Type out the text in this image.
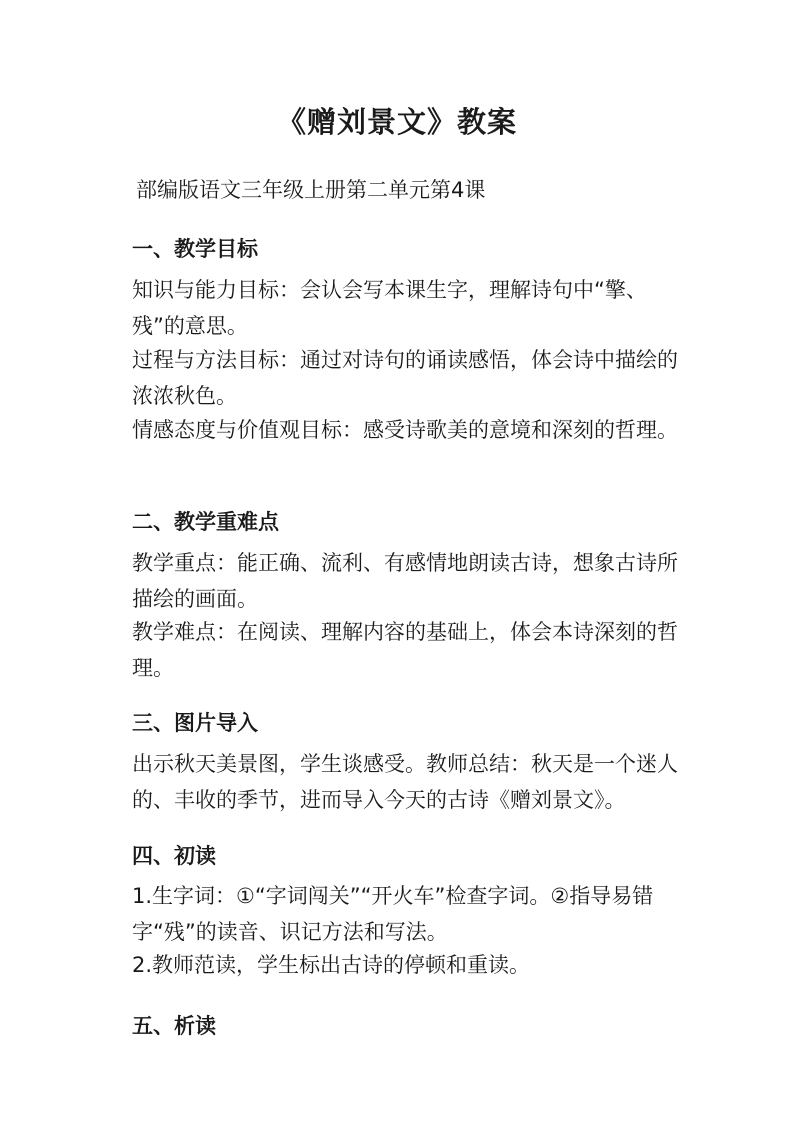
《赠刘景文》教案
部编版语文三年级上册第二单元第4课
一、教学目标

知识与能力目标：会认会写本课生字，理解诗句中“擎、残”的意思。

过程与方法目标：通过对诗句的诵读感悟，体会诗中描绘的浓浓秋色。

情感态度与价值观目标：感受诗歌美的意境和深刻的哲理。

二、教学重难点

教学重点：能正确、流利、有感情地朗读古诗，想象古诗所描绘的画面。

教学难点：在阅读、理解内容的基础上，体会本诗深刻的哲理。

三、图片导入

出示秋天美景图，学生谈感受。教师总结：秋天是一个迷人的、丰收的季节，进而导入今天的古诗《赠刘景文》。

四、初读

1.生字词：①“字词闯关”“开火车”检查字词。②指导易错字“残”的读音、识记方法和写法。

2.教师范读，学生标出古诗的停顿和重读。

五、析读
